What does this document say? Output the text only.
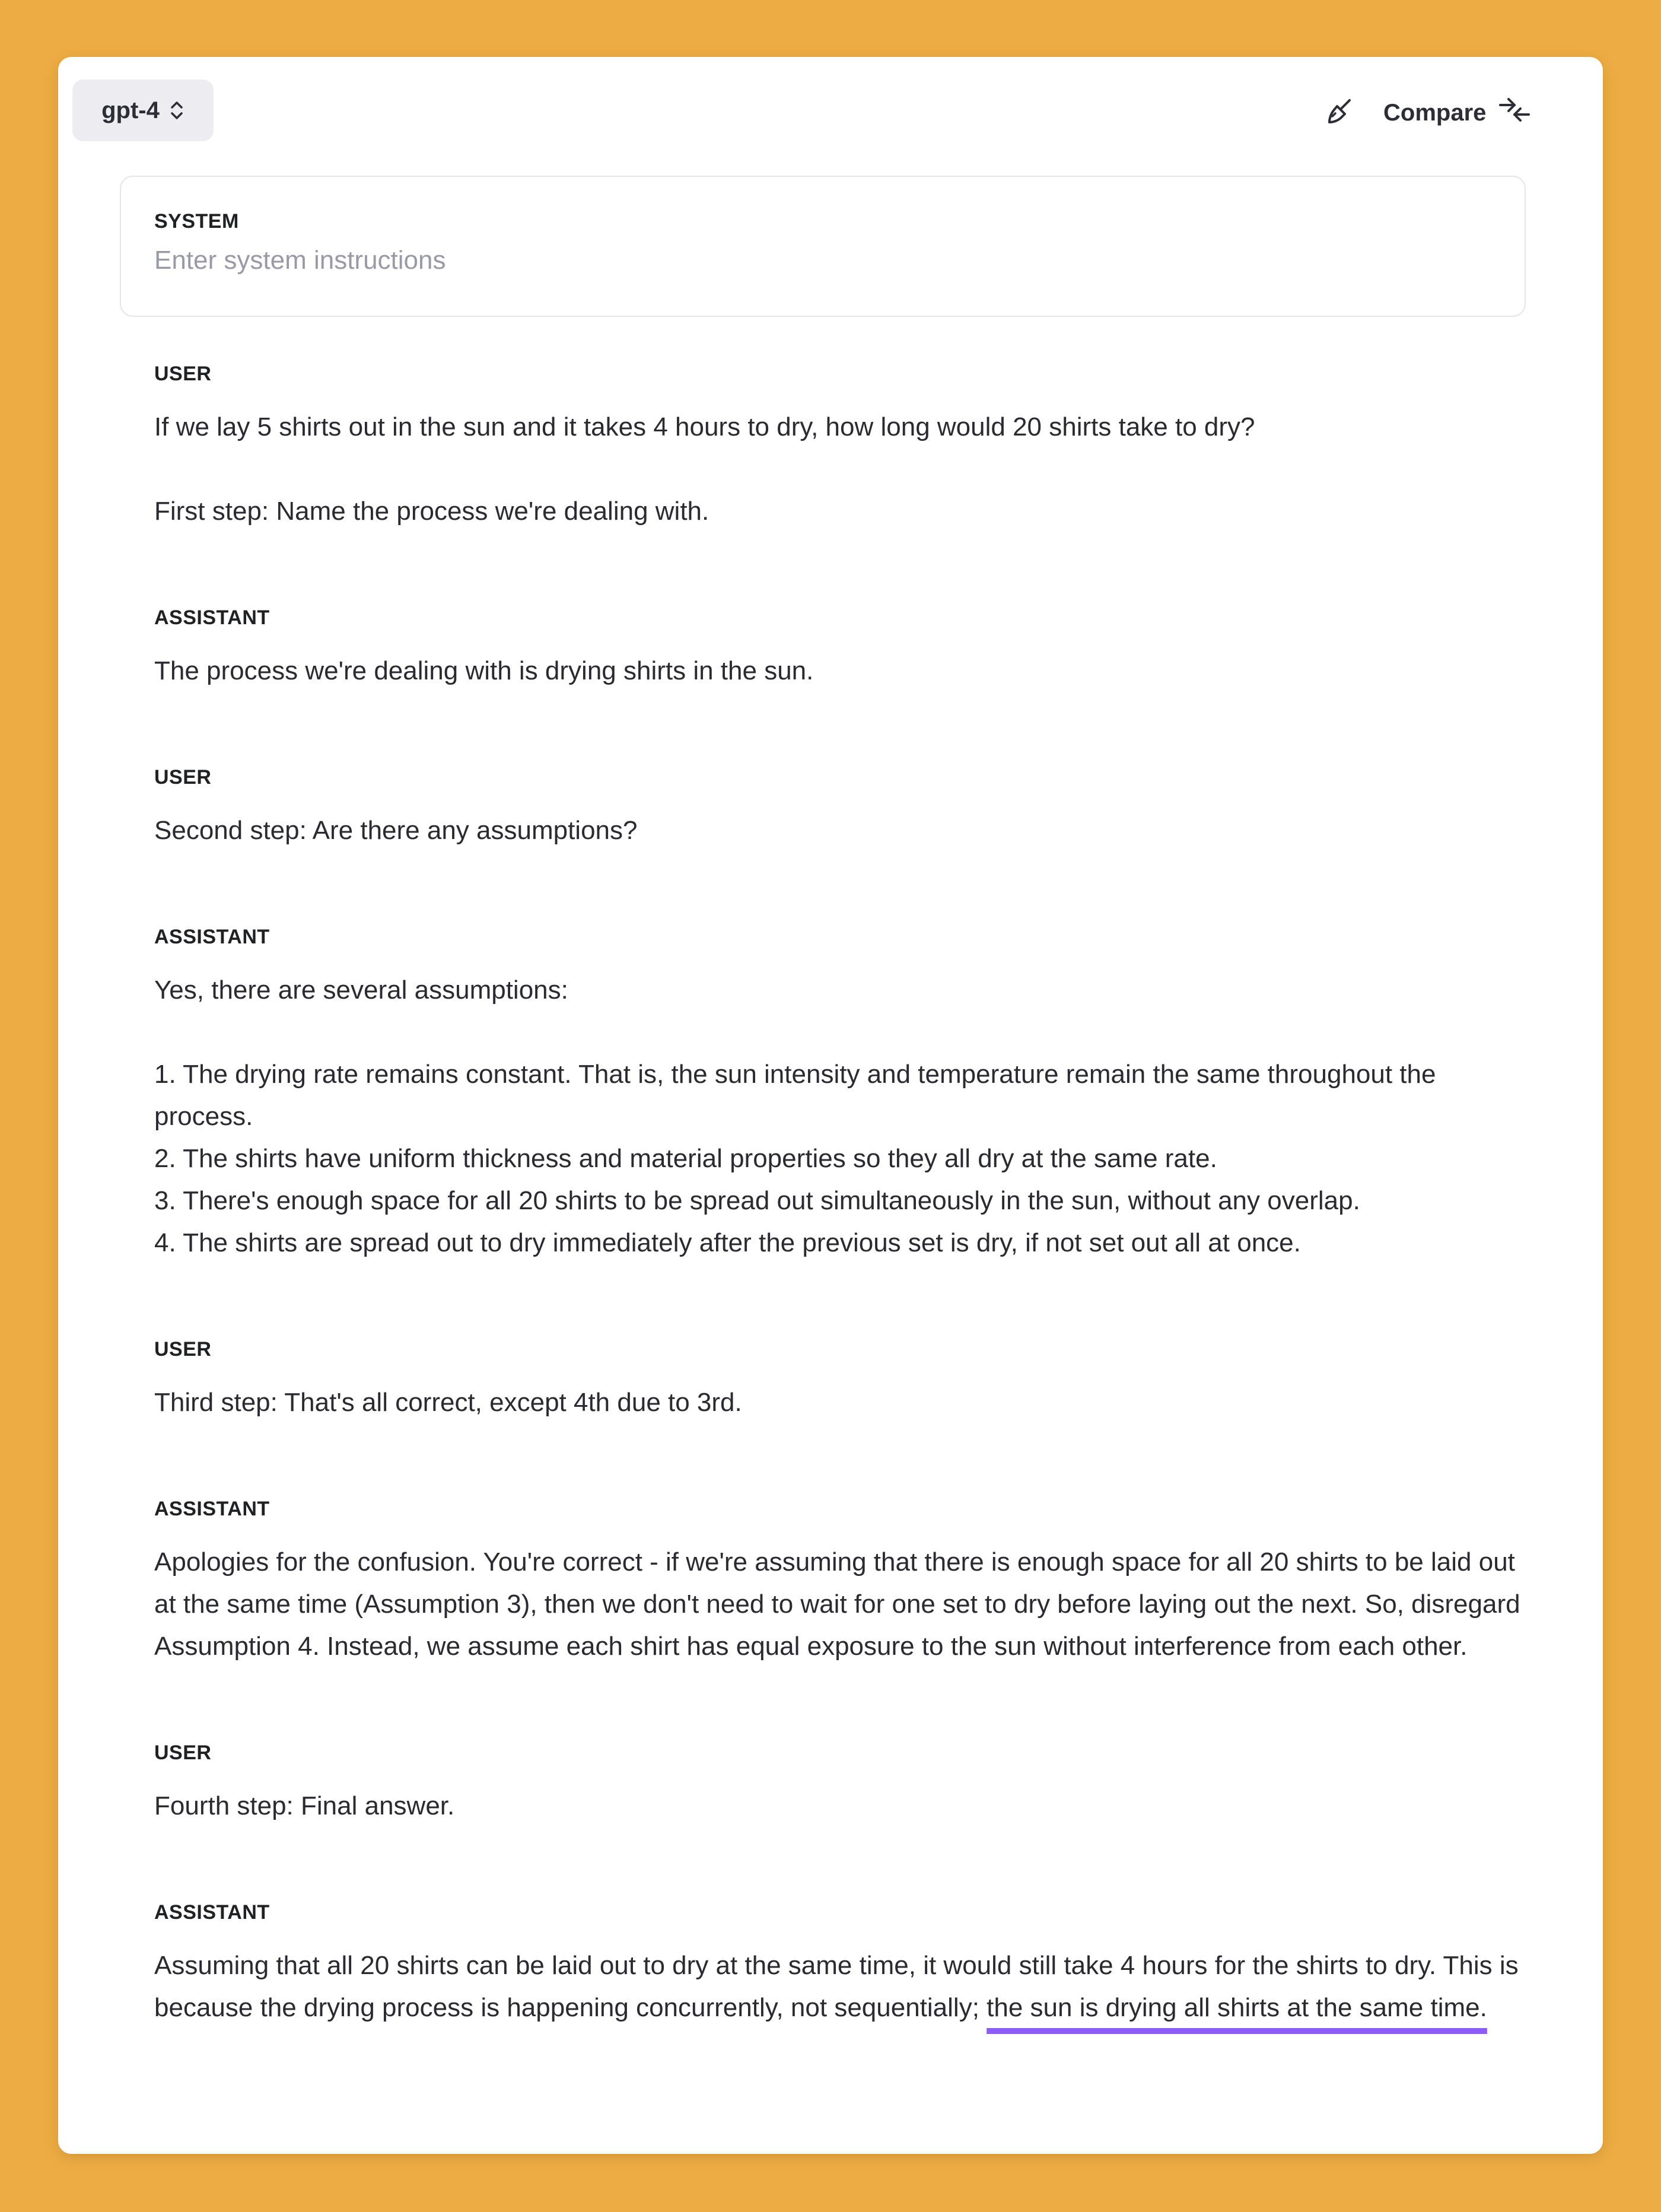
gpt-4	Compare
SYSTEM
Enter system instructions
USER

If we lay 5 shirts out in the sun and it takes 4 hours to dry, how long would 20 shirts take to dry?

First step: Name the process we're dealing with.

ASSISTANT

The process we're dealing with is drying shirts in the sun.

USER

Second step: Are there any assumptions?

ASSISTANT

Yes, there are several assumptions:

1. The drying rate remains constant. That is, the sun intensity and temperature remain the same throughout the process.
2. The shirts have uniform thickness and material properties so they all dry at the same rate.
3. There's enough space for all 20 shirts to be spread out simultaneously in the sun, without any overlap.
4. The shirts are spread out to dry immediately after the previous set is dry, if not set out all at once.

USER

Third step: That's all correct, except 4th due to 3rd.

ASSISTANT

Apologies for the confusion. You're correct - if we're assuming that there is enough space for all 20 shirts to be laid out at the same time (Assumption 3), then we don't need to wait for one set to dry before laying out the next. So, disregard Assumption 4. Instead, we assume each shirt has equal exposure to the sun without interference from each other.

USER

Fourth step: Final answer.

ASSISTANT

Assuming that all 20 shirts can be laid out to dry at the same time, it would still take 4 hours for the shirts to dry. This is because the drying process is happening concurrently, not sequentially; the sun is drying all shirts at the same time.
